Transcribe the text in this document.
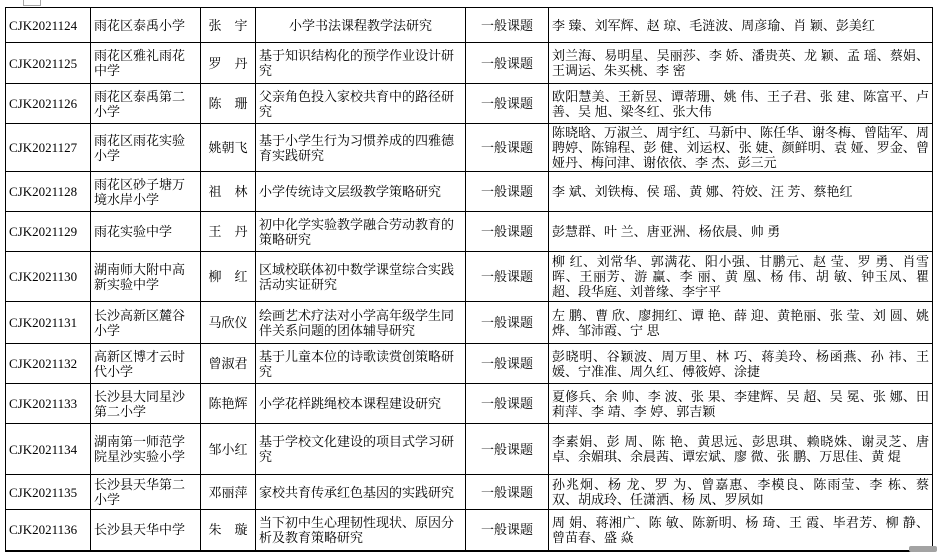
CJK2021124	雨花区泰禹小学	张　宇	小学书法课程教学法研究	一般课题	李 臻、刘军辉、赵 琼、毛涟波、周彦瑜、肖 颖、彭美红
CJK2021125	雨花区雅礼雨花中学	罗　丹	基于知识结构化的预学作业设计研究	一般课题	刘兰海、易明星、吴丽莎、李 娇、潘贵英、龙 颖、孟 瑶、蔡娟、王调运、朱买桃、李 密
CJK2021126	雨花区泰禹第二小学	陈　珊	父亲角色投入家校共育中的路径研究	一般课题	欧阳慧美、王新昱、谭蒂珊、姚 伟、王子君、张 建、陈富平、卢 善、吴 旭、梁冬红、张大伟
CJK2021127	雨花区雨花实验小学	姚朝飞	基于小学生行为习惯养成的四雅德育实践研究	一般课题	陈晓晗、万淑兰、周宇红、马新中、陈任华、谢冬梅、曾陆军、周聘婷、陈锦程、彭 健、刘运权、张 婕、颜鲜明、袁 娅、罗金、曾娅丹、梅问津、谢依依、李 杰、彭三元
CJK2021128	雨花区砂子塘万境水岸小学	祖　林	小学传统诗文层级教学策略研究	一般课题	李 斌、刘铁梅、侯 瑶、黄 娜、符姣、汪 芳、蔡艳红
CJK2021129	雨花实验中学	王　丹	初中化学实验教学融合劳动教育的策略研究	一般课题	彭慧群、叶 兰、唐亚洲、杨依晨、帅 勇
CJK2021130	湖南师大附中高新实验中学	柳　红	区域校联体初中数学课堂综合实践活动实证研究	一般课题	柳 红、刘常华、郭满花、阳小强、甘鹏元、赵 莹、罗 勇、肖雪晖、王丽芳、游 赢、李 丽、黄 凰、杨 伟、胡 敏、钟玉凤、瞿 超、段华庭、刘普缘、李宇平
CJK2021131	长沙高新区麓谷小学	马欣仪	绘画艺术疗法对小学高年级学生同伴关系问题的团体辅导研究	一般课题	左 鹏、曹 欣、廖拥红、谭 艳、薛 迎、黄艳丽、张 莹、刘 圆、姚 烨、邹沛霞、宁 思
CJK2021132	高新区博才云时代小学	曾淑君	基于儿童本位的诗歌读赏创策略研究	一般课题	彭晓明、谷颖波、周万里、林 巧、蒋美玲、杨函燕、孙 祎、王 媛、宁准准、周久红、傅筱婷、涂捷
CJK2021133	长沙县大同星沙第二小学	陈艳辉	小学花样跳绳校本课程建设研究	一般课题	夏修兵、余 帅、李 波、张 果、李建辉、吴 超、吴 冕、张 娜、田莉萍、李 靖、李 婷、郭吉颖
CJK2021134	湖南第一师范学院星沙实验小学	邹小红	基于学校文化建设的项目式学习研究	一般课题	李素娟、彭 周、陈 艳、黄思远、彭思琪、赖晓姝、谢灵芝、唐 卓、余媚琪、余晨茜、谭宏斌、廖 微、张 鹏、万思佳、黄 焜
CJK2021135	长沙县天华第二小学	邓丽萍	家校共育传承红色基因的实践研究	一般课题	孙兆炯、杨 龙、罗 为、曾嘉惠、李模良、陈雨莹、李 栋、蔡 双、胡成玲、任潇洒、杨 凤、罗夙如
CJK2021136	长沙县天华中学	朱　璇	当下初中生心理韧性现状、原因分析及教育策略研究	一般课题	周 娟、蒋湘广、陈 敏、陈新明、杨 琦、王 霞、毕君芳、柳 静、曾苗春、盛 焱
